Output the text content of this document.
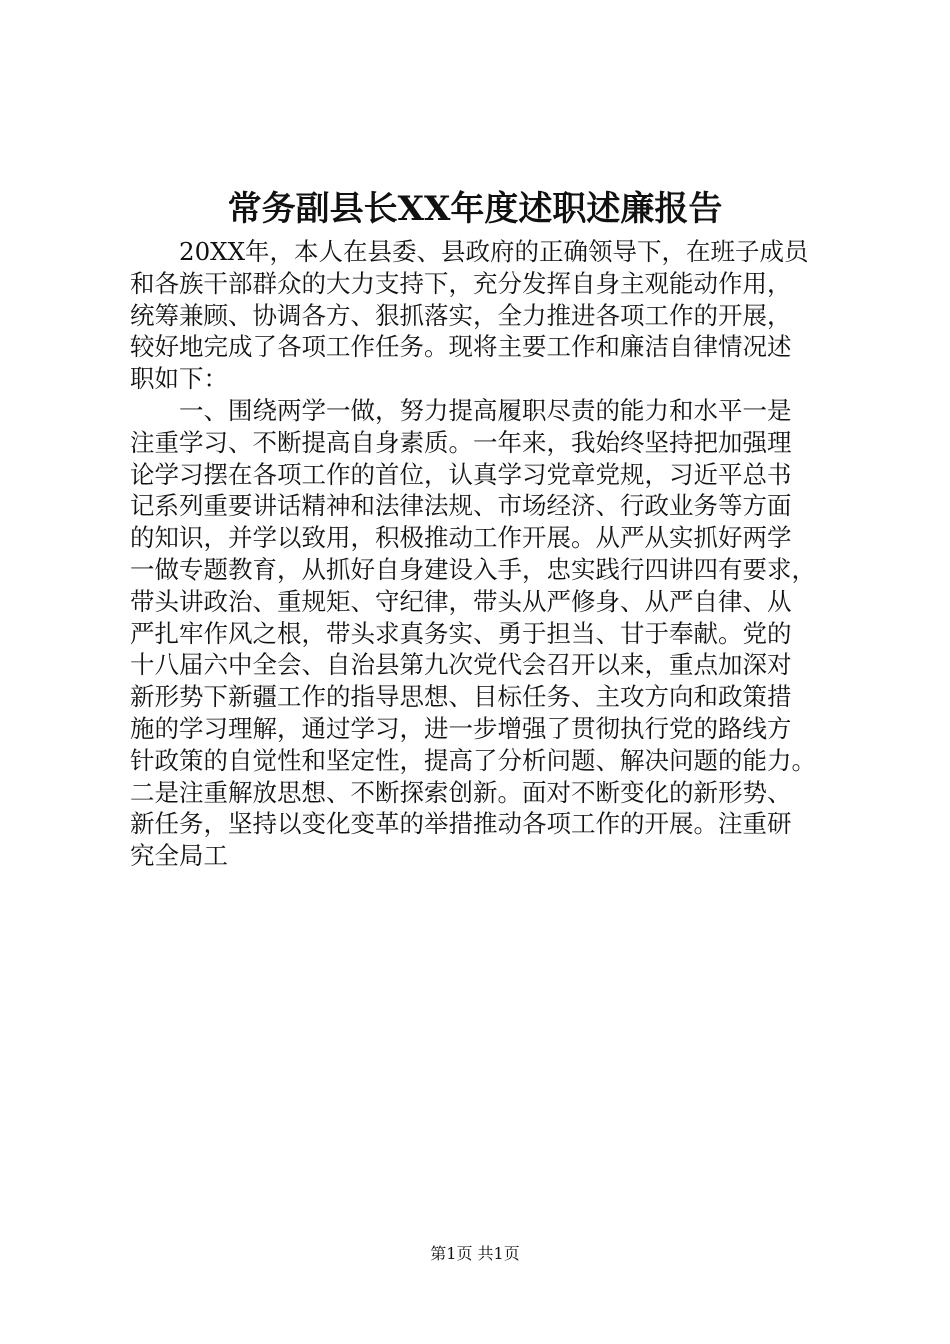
常务副县长XX年度述职述廉报告
　　20XX年，本人在县委、县政府的正确领导下，在班子成员
和各族干部群众的大力支持下，充分发挥自身主观能动作用，
统筹兼顾、协调各方、狠抓落实，全力推进各项工作的开展，
较好地完成了各项工作任务。现将主要工作和廉洁自律情况述
职如下：
　　一、围绕两学一做，努力提高履职尽责的能力和水平一是
注重学习、不断提高自身素质。一年来，我始终坚持把加强理
论学习摆在各项工作的首位，认真学习党章党规，习近平总书
记系列重要讲话精神和法律法规、市场经济、行政业务等方面
的知识，并学以致用，积极推动工作开展。从严从实抓好两学
一做专题教育，从抓好自身建设入手，忠实践行四讲四有要求，
带头讲政治、重规矩、守纪律，带头从严修身、从严自律、从
严扎牢作风之根，带头求真务实、勇于担当、甘于奉献。党的
十八届六中全会、自治县第九次党代会召开以来，重点加深对
新形势下新疆工作的指导思想、目标任务、主攻方向和政策措
施的学习理解，通过学习，进一步增强了贯彻执行党的路线方
针政策的自觉性和坚定性，提高了分析问题、解决问题的能力。
二是注重解放思想、不断探索创新。面对不断变化的新形势、
新任务，坚持以变化变革的举措推动各项工作的开展。注重研
究全局工
第1页 共1页
